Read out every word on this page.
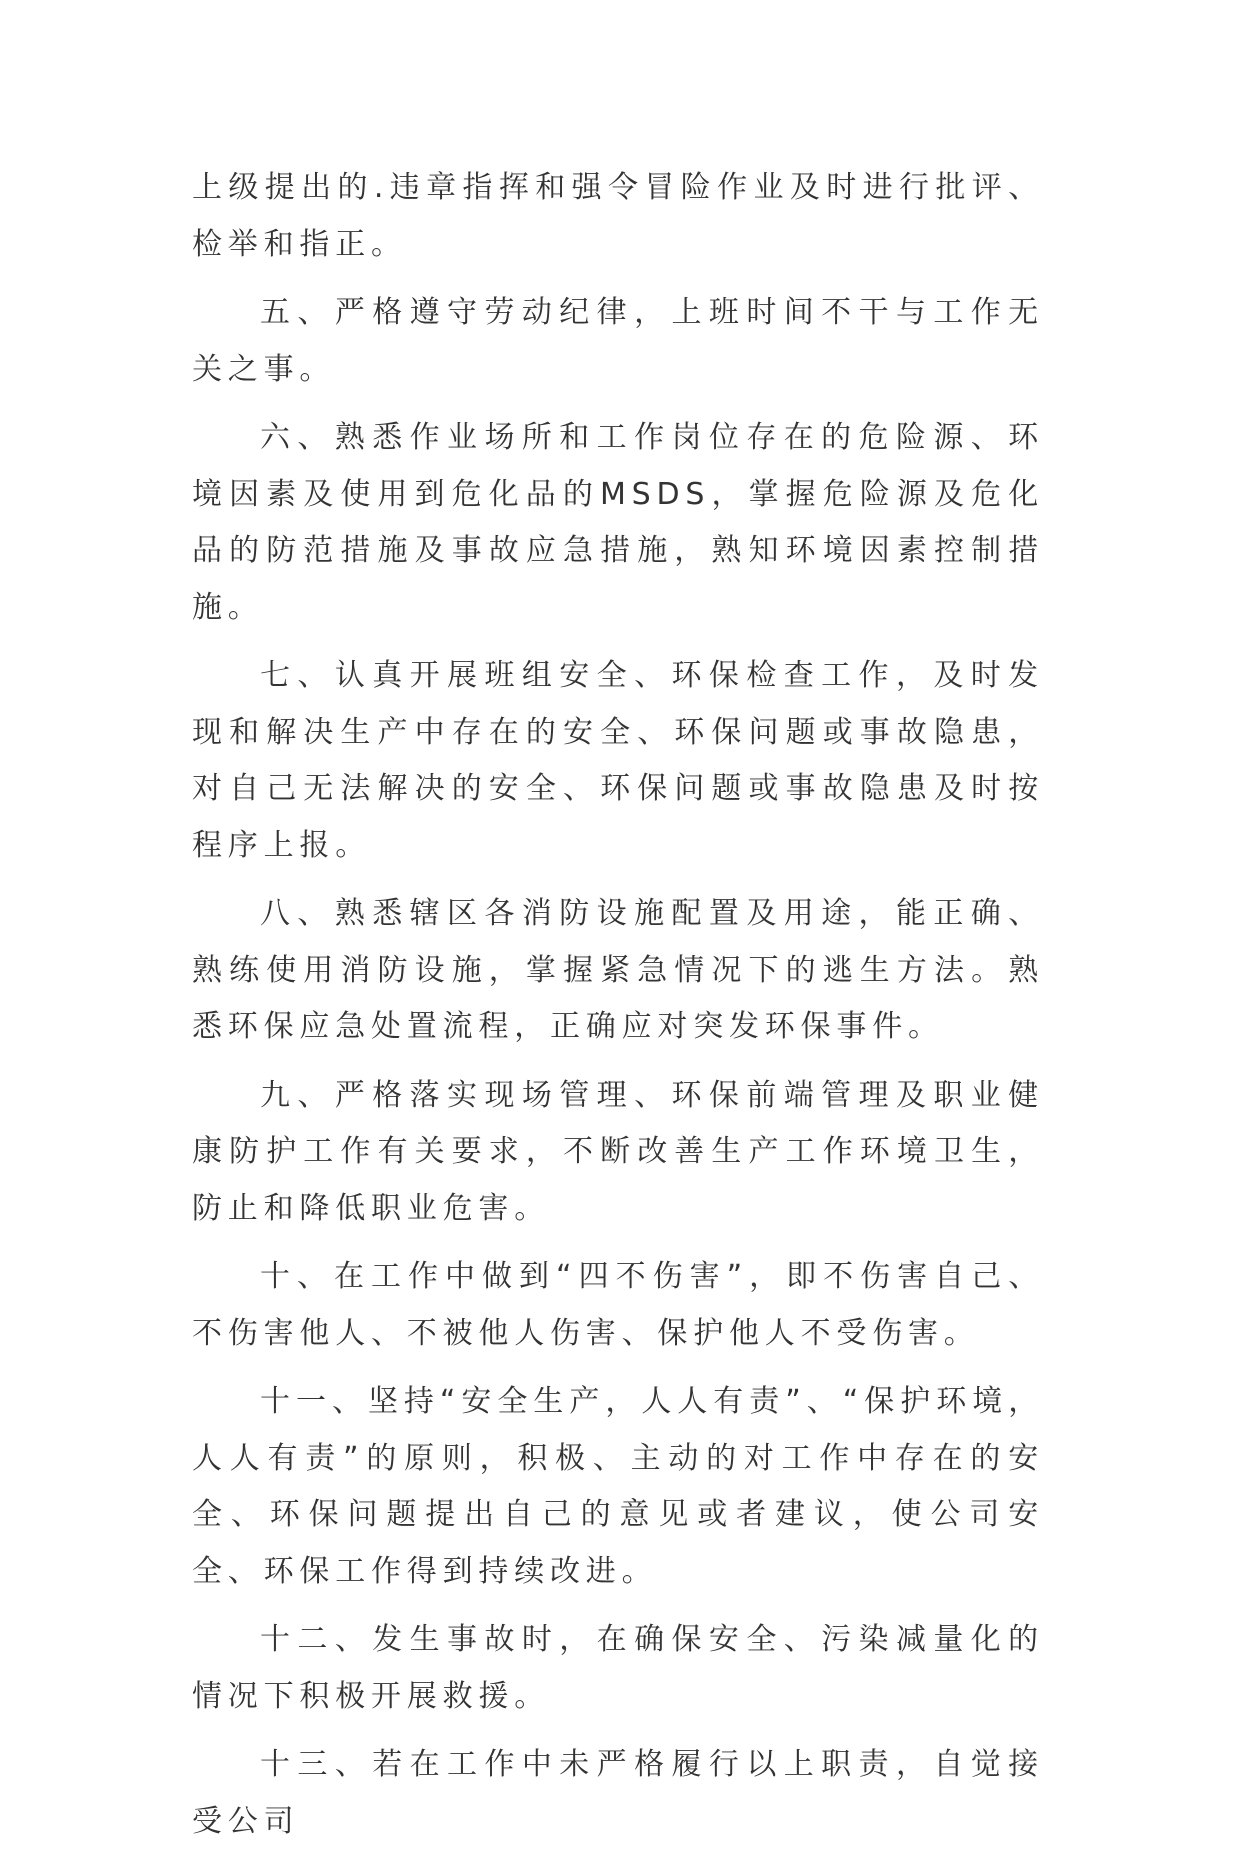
上级提出的.违章指挥和强令冒险作业及时进行批评、检举和指正。

五、严格遵守劳动纪律，上班时间不干与工作无关之事。

六、熟悉作业场所和工作岗位存在的危险源、环境因素及使用到危化品的MSDS，掌握危险源及危化品的防范措施及事故应急措施，熟知环境因素控制措施。

七、认真开展班组安全、环保检查工作，及时发现和解决生产中存在的安全、环保问题或事故隐患，对自己无法解决的安全、环保问题或事故隐患及时按程序上报。

八、熟悉辖区各消防设施配置及用途，能正确、熟练使用消防设施，掌握紧急情况下的逃生方法。熟悉环保应急处置流程，正确应对突发环保事件。

九、严格落实现场管理、环保前端管理及职业健康防护工作有关要求，不断改善生产工作环境卫生，防止和降低职业危害。

十、在工作中做到“四不伤害”，即不伤害自己、不伤害他人、不被他人伤害、保护他人不受伤害。

十一、坚持“安全生产，人人有责”、“保护环境，人人有责”的原则，积极、主动的对工作中存在的安全、环保问题提出自己的意见或者建议，使公司安全、环保工作得到持续改进。

十二、发生事故时，在确保安全、污染减量化的情况下积极开展救援。

十三、若在工作中未严格履行以上职责，自觉接受公司
